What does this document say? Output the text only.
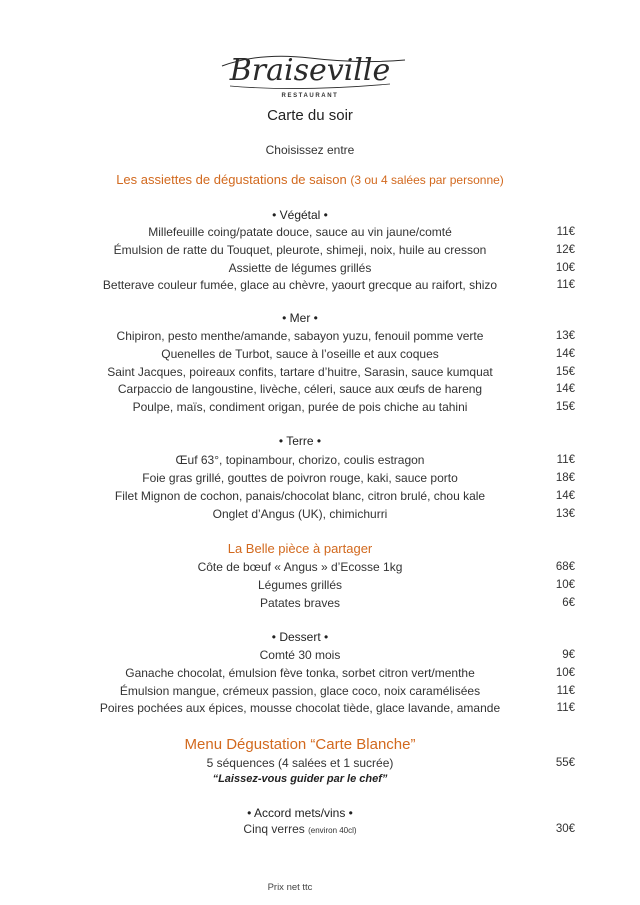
Braiseville
RESTAURANT
Carte du soir
Choisissez entre
Les assiettes de dégustations de saison (3 ou 4 salées par personne)
• Végétal •
Millefeuille coing/patate douce, sauce au vin jaune/comté	11€
Émulsion de ratte du Touquet, pleurote, shimeji, noix, huile au cresson	12€
Assiette de légumes grillés	10€
Betterave couleur fumée, glace au chèvre, yaourt grecque au raifort, shizo	11€
• Mer •
Chipiron, pesto menthe/amande, sabayon yuzu, fenouil pomme verte	13€
Quenelles de Turbot, sauce à l’oseille et aux coques	14€
Saint Jacques, poireaux confits, tartare d’huitre, Sarasin, sauce kumquat	15€
Carpaccio de langoustine, livèche, céleri, sauce aux œufs de hareng	14€
Poulpe, maïs, condiment origan, purée de pois chiche au tahini	15€
• Terre •
Œuf 63°, topinambour, chorizo, coulis estragon	11€
Foie gras grillé, gouttes de poivron rouge, kaki, sauce porto	18€
Filet Mignon de cochon, panais/chocolat blanc, citron brulé, chou kale	14€
Onglet d’Angus (UK), chimichurri	13€
La Belle pièce à partager
Côte de bœuf « Angus » d’Ecosse 1kg	68€
Légumes grillés	10€
Patates braves	6€
• Dessert •
Comté 30 mois	9€
Ganache chocolat, émulsion fève tonka, sorbet citron vert/menthe	10€
Émulsion mangue, crémeux passion, glace coco, noix caramélisées	11€
Poires pochées aux épices, mousse chocolat tiède, glace lavande, amande	11€
Menu Dégustation “Carte Blanche”
5 séquences (4 salées et 1 sucrée)	55€
“Laissez-vous guider par le chef”
• Accord mets/vins •
Cinq verres (environ 40cl)	30€
Prix net ttc
